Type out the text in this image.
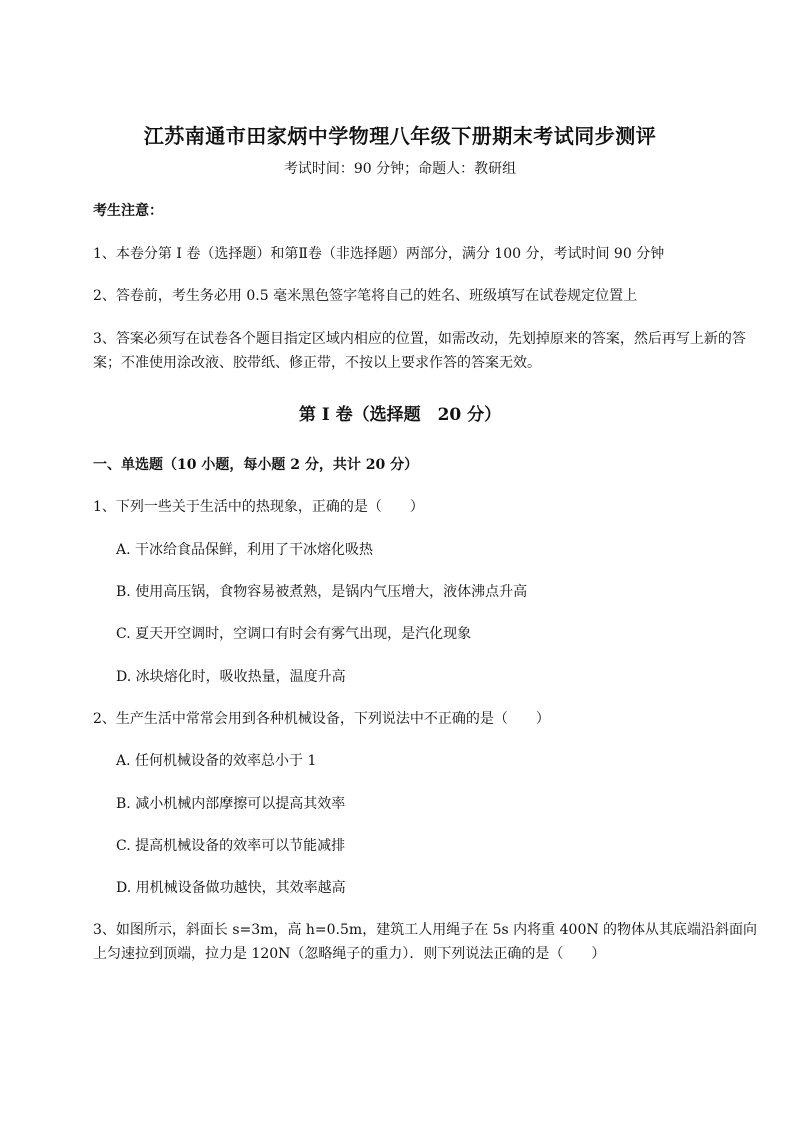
江苏南通市田家炳中学物理八年级下册期末考试同步测评
考试时间：90 分钟；命题人：教研组
考生注意：
1、本卷分第 I 卷（选择题）和第Ⅱ卷（非选择题）两部分，满分 100 分，考试时间 90 分钟
2、答卷前，考生务必用 0.5 毫米黑色签字笔将自己的姓名、班级填写在试卷规定位置上
3、答案必须写在试卷各个题目指定区域内相应的位置，如需改动，先划掉原来的答案，然后再写上新的答案；不准使用涂改液、胶带纸、修正带，不按以上要求作答的答案无效。
第 I 卷（选择题　20 分）
一、单选题（10 小题，每小题 2 分，共计 20 分）
1、下列一些关于生活中的热现象，正确的是（　　）
A. 干冰给食品保鲜，利用了干冰熔化吸热
B. 使用高压锅，食物容易被煮熟，是锅内气压增大，液体沸点升高
C. 夏天开空调时，空调口有时会有雾气出现，是汽化现象
D. 冰块熔化时，吸收热量，温度升高
2、生产生活中常常会用到各种机械设备，下列说法中不正确的是（　　）
A. 任何机械设备的效率总小于 1
B. 减小机械内部摩擦可以提高其效率
C. 提高机械设备的效率可以节能减排
D. 用机械设备做功越快，其效率越高
3、如图所示，斜面长 s=3m，高 h=0.5m，建筑工人用绳子在 5s 内将重 400N 的物体从其底端沿斜面向上匀速拉到顶端，拉力是 120N（忽略绳子的重力）．则下列说法正确的是（　　）
